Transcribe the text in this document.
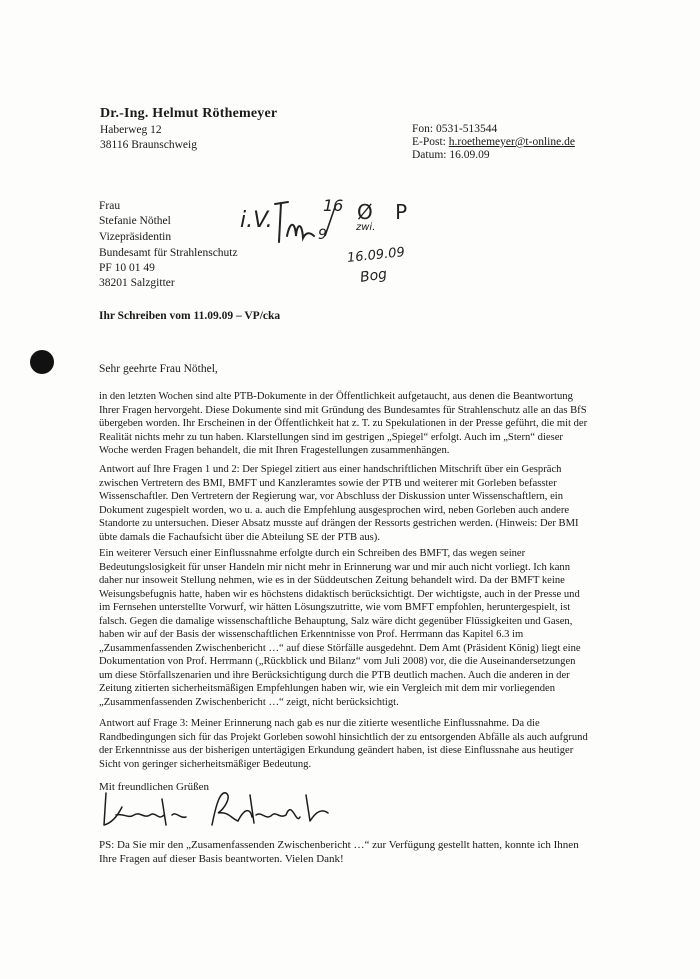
Dr.-Ing. Helmut Röthemeyer
Haberweg 12
38116 Braunschweig
Fon: 0531-513544
E-Post: h.roethemeyer@t-online.de
Datum: 16.09.09
Frau
Stefanie Nöthel
Vizepräsidentin
Bundesamt für Strahlenschutz
PF 10 01 49
38201 Salzgitter
i.V.
16
9
Ø P
zwi.
16.09.09
Bog
Ihr Schreiben vom 11.09.09 – VP/cka
Sehr geehrte Frau Nöthel,
in den letzten Wochen sind alte PTB-Dokumente in der Öffentlichkeit aufgetaucht, aus denen die Beantwortung Ihrer Fragen hervorgeht. Diese Dokumente sind mit Gründung des Bundesamtes für Strahlenschutz alle an das BfS übergeben worden. Ihr Erscheinen in der Öffentlichkeit hat z. T. zu Spekulationen in der Presse geführt, die mit der Realität nichts mehr zu tun haben. Klarstellungen sind im gestrigen „Spiegel“ erfolgt. Auch im „Stern“ dieser Woche werden Fragen behandelt, die mit Ihren Fragestellungen zusammenhängen.
Antwort auf Ihre Fragen 1 und 2: Der Spiegel zitiert aus einer handschriftlichen Mitschrift über ein Gespräch zwischen Vertretern des BMI, BMFT und Kanzleramtes sowie der PTB und weiterer mit Gorleben befasster Wissenschaftler. Den Vertretern der Regierung war, vor Abschluss der Diskussion unter Wissenschaftlern, ein Dokument zugespielt worden, wo u. a. auch die Empfehlung ausgesprochen wird, neben Gorleben auch andere Standorte zu untersuchen. Dieser Absatz musste auf drängen der Ressorts gestrichen werden. (Hinweis: Der BMI übte damals die Fachaufsicht über die Abteilung SE der PTB aus).
Ein weiterer Versuch einer Einflussnahme erfolgte durch ein Schreiben des BMFT, das wegen seiner Bedeutungslosigkeit für unser Handeln mir nicht mehr in Erinnerung war und mir auch nicht vorliegt. Ich kann daher nur insoweit Stellung nehmen, wie es in der Süddeutschen Zeitung behandelt wird. Da der BMFT keine Weisungsbefugnis hatte, haben wir es höchstens didaktisch berücksichtigt. Der wichtigste, auch in der Presse und im Fernsehen unterstellte Vorwurf, wir hätten Lösungszutritte, wie vom BMFT empfohlen, heruntergespielt, ist falsch. Gegen die damalige wissenschaftliche Behauptung, Salz wäre dicht gegenüber Flüssigkeiten und Gasen, haben wir auf der Basis der wissenschaftlichen Erkenntnisse von Prof. Herrmann das Kapitel 6.3 im „Zusammenfassenden Zwischenbericht …“ auf diese Störfälle ausgedehnt. Dem Amt (Präsident König) liegt eine Dokumentation von Prof. Herrmann („Rückblick und Bilanz“ vom Juli 2008) vor, die die Auseinandersetzungen um diese Störfallszenarien und ihre Berücksichtigung durch die PTB deutlich machen. Auch die anderen in der Zeitung zitierten sicherheitsmäßigen Empfehlungen haben wir, wie ein Vergleich mit dem mir vorliegenden „Zusammenfassenden Zwischenbericht …“ zeigt, nicht berücksichtigt.
Antwort auf Frage 3: Meiner Erinnerung nach gab es nur die zitierte wesentliche Einflussnahme. Da die Randbedingungen sich für das Projekt Gorleben sowohl hinsichtlich der zu entsorgenden Abfälle als auch aufgrund der Erkenntnisse aus der bisherigen untertägigen Erkundung geändert haben, ist diese Einflussnahe aus heutiger Sicht von geringer sicherheitsmäßiger Bedeutung.
Mit freundlichen Grüßen
PS: Da Sie mir den „Zusamenfassenden Zwischenbericht …“ zur Verfügung gestellt hatten, konnte ich Ihnen Ihre Fragen auf dieser Basis beantworten. Vielen Dank!
